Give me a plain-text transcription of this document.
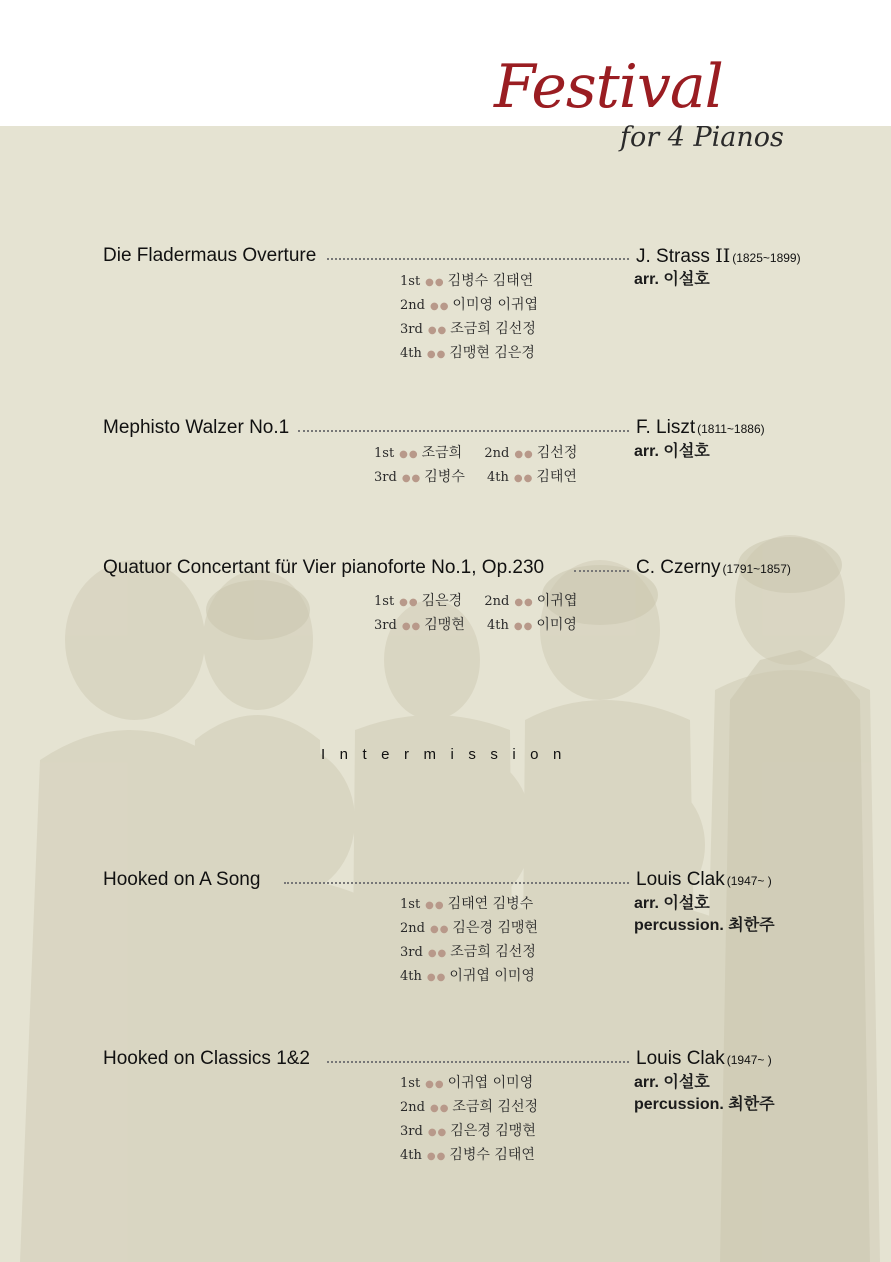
Festival
for 4 Pianos
Die Fladermaus Overture	J. Strass II (1825~1899)
arr. 이설호
1st ●● 김병수 김태연
2nd ●● 이미영 이귀엽
3rd ●● 조금희 김선정
4th ●● 김맹현 김은경
Mephisto Walzer No.1	F. Liszt (1811~1886)
arr. 이설호
1st ●● 조금희 2nd ●● 김선정
3rd ●● 김병수 4th ●● 김태연
Quatuor Concertant für Vier pianoforte No.1, Op.230	C. Czerny (1791~1857)
1st ●● 김은경 2nd ●● 이귀엽
3rd ●● 김맹현 4th ●● 이미영
Intermission
Hooked on A Song	Louis Clak (1947~ )
arr. 이설호
percussion. 최한주
1st ●● 김태연 김병수
2nd ●● 김은경 김맹현
3rd ●● 조금희 김선정
4th ●● 이귀엽 이미영
Hooked on Classics 1&2	Louis Clak (1947~ )
arr. 이설호
percussion. 최한주
1st ●● 이귀엽 이미영
2nd ●● 조금희 김선정
3rd ●● 김은경 김맹현
4th ●● 김병수 김태연
